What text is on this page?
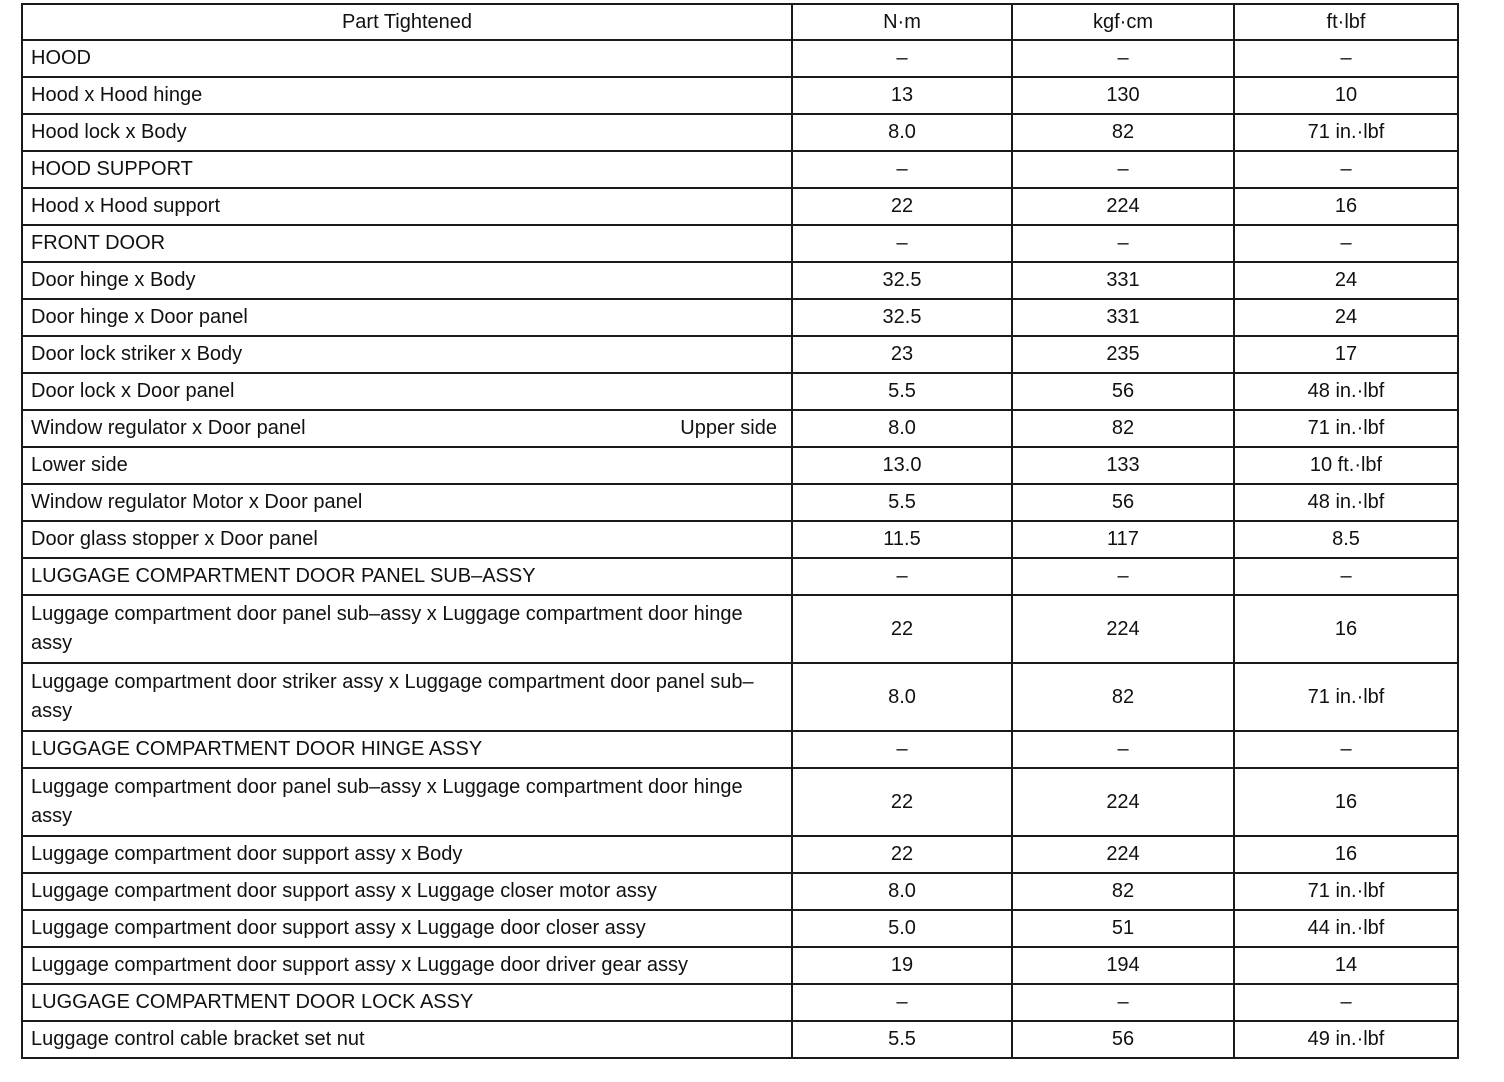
Part Tightened	N·m	kgf·cm	ft·lbf
HOOD	–	–	–
Hood x Hood hinge	13	130	10
Hood lock x Body	8.0	82	71 in.·lbf
HOOD SUPPORT	–	–	–
Hood x Hood support	22	224	16
FRONT DOOR	–	–	–
Door hinge x Body	32.5	331	24
Door hinge x Door panel	32.5	331	24
Door lock striker x Body	23	235	17
Door lock x Door panel	5.5	56	48 in.·lbf

Window regulator x Door panel Upper side	8.0	82	71 in.·lbf
Lower side	13.0	133	10 ft.·lbf
Window regulator Motor x Door panel	5.5	56	48 in.·lbf
Door glass stopper x Door panel	11.5	117	8.5
LUGGAGE COMPARTMENT DOOR PANEL SUB–ASSY	–	–	–
Luggage compartment door panel sub–assy x Luggage compartment door hinge assy	22	224	16
Luggage compartment door striker assy x Luggage compartment door panel sub–assy	8.0	82	71 in.·lbf
LUGGAGE COMPARTMENT DOOR HINGE ASSY	–	–	–
Luggage compartment door panel sub–assy x Luggage compartment door hinge assy	22	224	16
Luggage compartment door support assy x Body	22	224	16
Luggage compartment door support assy x Luggage closer motor assy	8.0	82	71 in.·lbf
Luggage compartment door support assy x Luggage door closer assy	5.0	51	44 in.·lbf
Luggage compartment door support assy x Luggage door driver gear assy	19	194	14
LUGGAGE COMPARTMENT DOOR LOCK ASSY	–	–	–
Luggage control cable bracket set nut	5.5	56	49 in.·lbf
